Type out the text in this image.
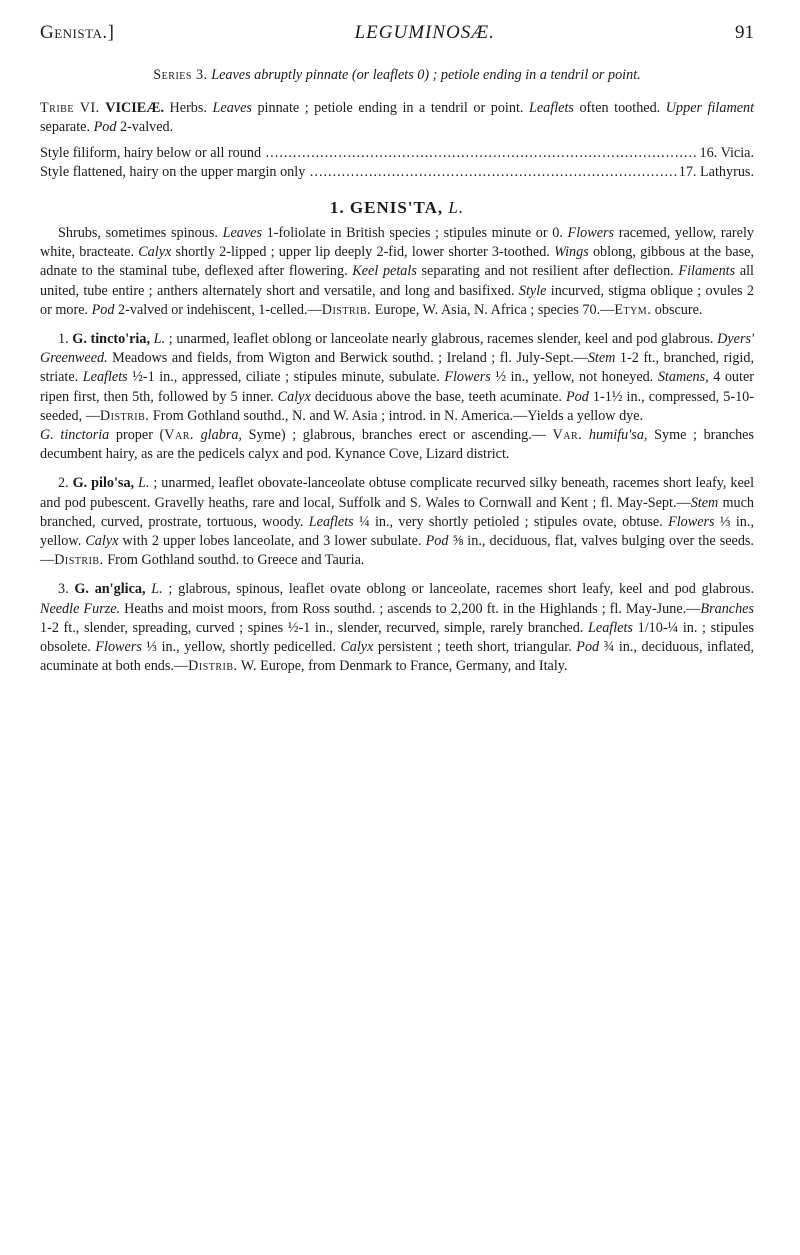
Genista.]	LEGUMINOSÆ.	91

Series 3. Leaves abruptly pinnate (or leaflets 0) ; petiole ending in a tendril or point.

Tribe VI. VICIEÆ. Herbs. Leaves pinnate ; petiole ending in a tendril or point. Leaflets often toothed. Upper filament separate. Pod 2-valved.

Style filiform, hairy below or all round .....	16. Vicia.
Style flattened, hairy on the upper margin only .....	17. Lathyrus.
1. GENIS'TA, L.

Shrubs, sometimes spinous. Leaves 1-foliolate in British species ; stipules minute or 0. Flowers racemed, yellow, rarely white, bracteate. Calyx shortly 2-lipped ; upper lip deeply 2-fid, lower shorter 3-toothed. Wings oblong, gibbous at the base, adnate to the staminal tube, deflexed after flowering. Keel petals separating and not resilient after deflection. Filaments all united, tube entire ; anthers alternately short and versatile, and long and basifixed. Style incurved, stigma oblique ; ovules 2 or more. Pod 2-valved or indehiscent, 1-celled.—Distrib. Europe, W. Asia, N. Africa ; species 70.—Etym. obscure.

1. G. tincto'ria, L. ; unarmed, leaflet oblong or lanceolate nearly glabrous, racemes slender, keel and pod glabrous. Dyers' Greenweed. Meadows and fields, from Wigton and Berwick southd. ; Ireland ; fl. July-Sept.—Stem 1-2 ft., branched, rigid, striate. Leaflets ½-1 in., appressed, ciliate ; stipules minute, subulate. Flowers ½ in., yellow, not honeyed. Stamens, 4 outer ripen first, then 5th, followed by 5 inner. Calyx deciduous above the base, teeth acuminate. Pod 1-1½ in., compressed, 5-10-seeded, —Distrib. From Gothland southd., N. and W. Asia ; introd. in N. America.—Yields a yellow dye.

G. tinctoria proper (Var. glabra, Syme) ; glabrous, branches erect or ascending.— Var. humifu'sa, Syme ; branches decumbent hairy, as are the pedicels calyx and pod. Kynance Cove, Lizard district.

2. G. pilo'sa, L. ; unarmed, leaflet obovate-lanceolate obtuse complicate recurved silky beneath, racemes short leafy, keel and pod pubescent. Gravelly heaths, rare and local, Suffolk and S. Wales to Cornwall and Kent ; fl. May-Sept.—Stem much branched, curved, prostrate, tortuous, woody. Leaflets ¼ in., very shortly petioled ; stipules ovate, obtuse. Flowers ⅓ in., yellow. Calyx with 2 upper lobes lanceolate, and 3 lower subulate. Pod ⅝ in., deciduous, flat, valves bulging over the seeds.—Distrib. From Gothland southd. to Greece and Tauria.

3. G. an'glica, L. ; glabrous, spinous, leaflet ovate oblong or lanceolate, racemes short leafy, keel and pod glabrous. Needle Furze. Heaths and moist moors, from Ross southd. ; ascends to 2,200 ft. in the Highlands ; fl. May-June.—Branches 1-2 ft., slender, spreading, curved ; spines ½-1 in., slender, recurved, simple, rarely branched. Leaflets 1/10-¼ in. ; stipules obsolete. Flowers ⅓ in., yellow, shortly pedicelled. Calyx persistent ; teeth short, triangular. Pod ¾ in., deciduous, inflated, acuminate at both ends.—Distrib. W. Europe, from Denmark to France, Germany, and Italy.
